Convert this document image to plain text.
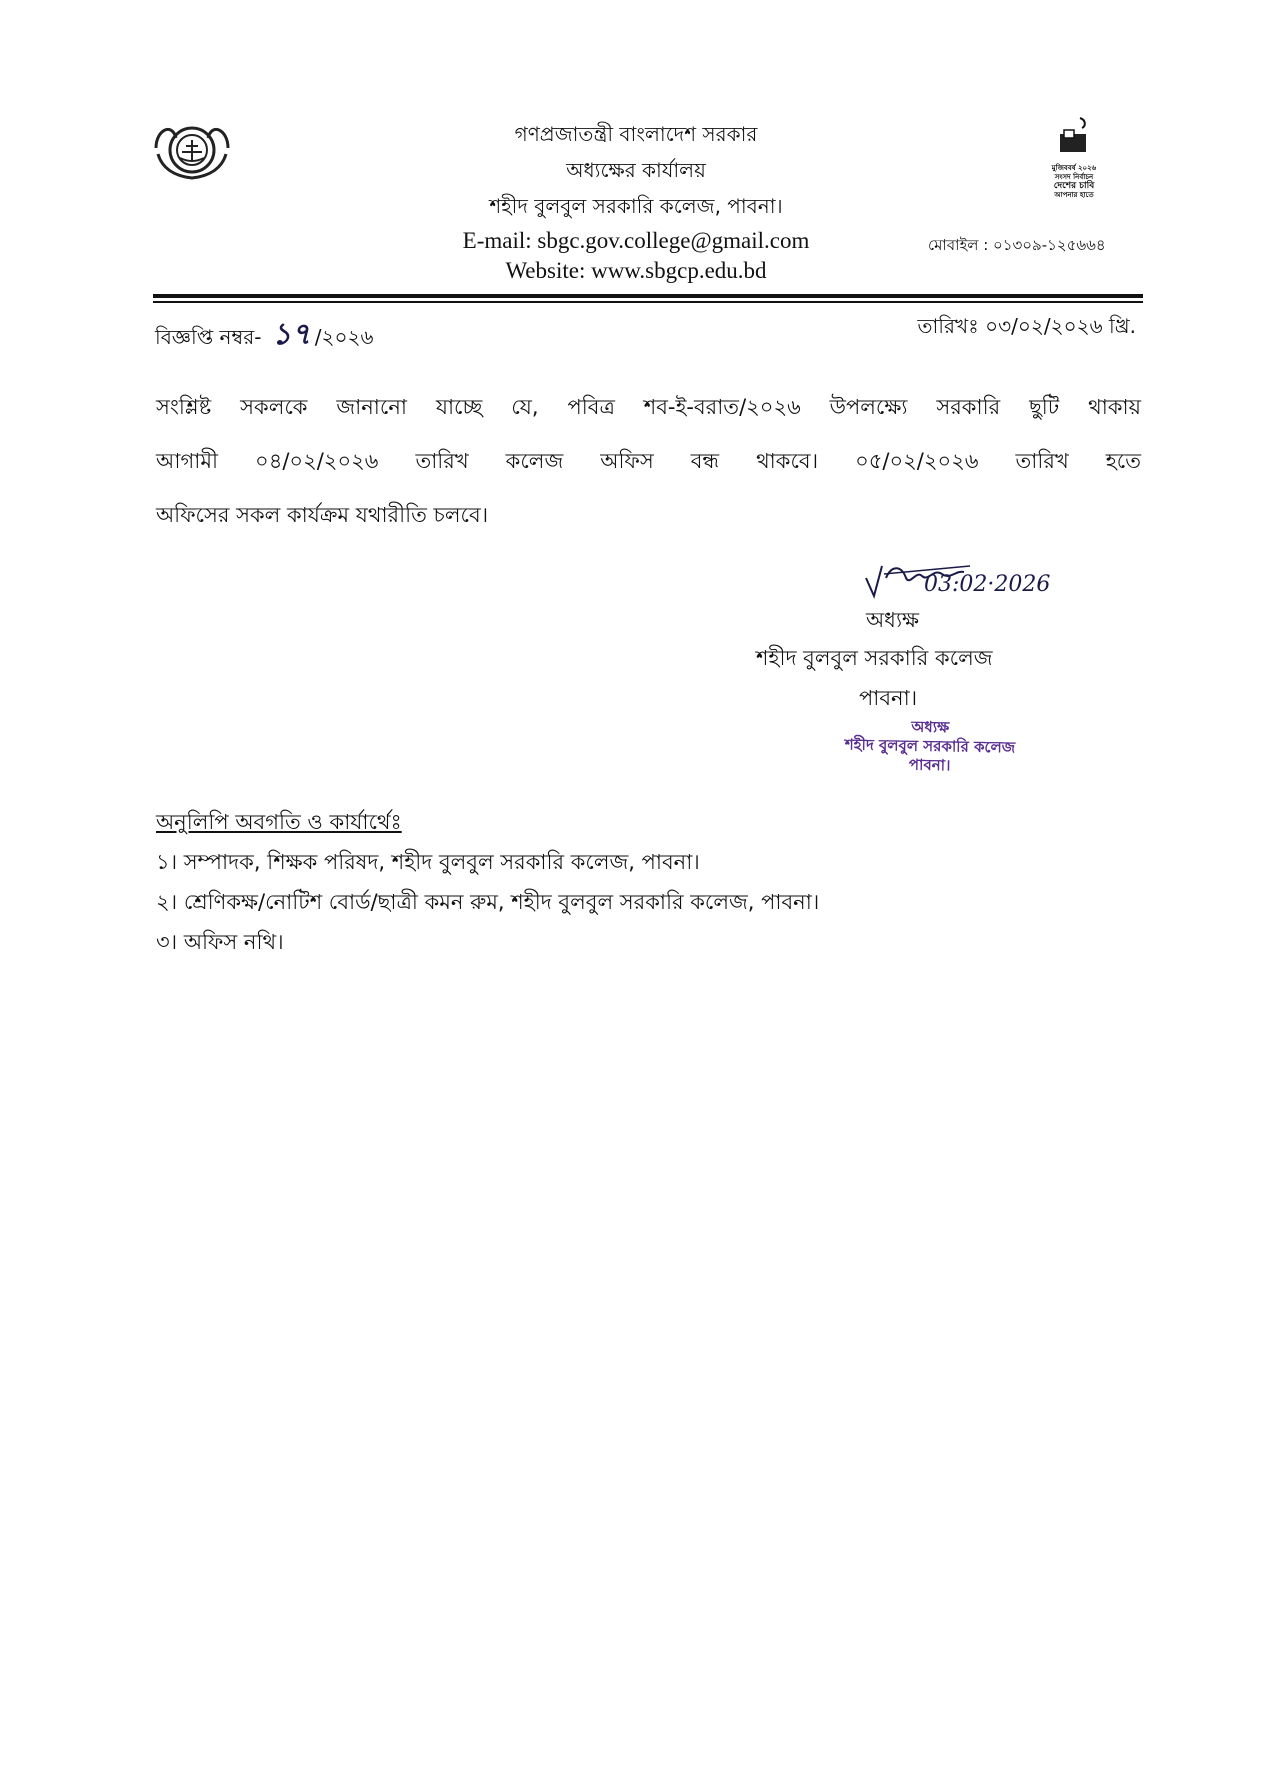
গণপ্রজাতন্ত্রী বাংলাদেশ সরকার
অধ্যক্ষের কার্যালয়
শহীদ বুলবুল সরকারি কলেজ, পাবনা।
E-mail: sbgc.gov.college@gmail.com
Website: www.sbgcp.edu.bd
মুজিববর্ষ ২০২৬
সংসদ নির্বাচন
দেশের চাবি
আপনার হাতে
মোবাইল : ০১৩০৯-১২৫৬৬৪
বিজ্ঞপ্তি নম্বর- ১৭ /২০২৬	তারিখঃ ০৩/০২/২০২৬ খ্রি.
সংশ্লিষ্ট সকলকে জানানো যাচ্ছে যে, পবিত্র শব-ই-বরাত/২০২৬ উপলক্ষ্যে সরকারি ছুটি থাকায়
আগামী ০৪/০২/২০২৬ তারিখ কলেজ অফিস বন্ধ থাকবে। ০৫/০২/২০২৬ তারিখ হতে
অফিসের সকল কার্যক্রম যথারীতি চলবে।
03:02·2026
অধ্যক্ষ
শহীদ বুলবুল সরকারি কলেজ
পাবনা।
অধ্যক্ষ
শহীদ বুলবুল সরকারি কলেজ
পাবনা।
অনুলিপি অবগতি ও কার্যার্থেঃ
১। সম্পাদক, শিক্ষক পরিষদ, শহীদ বুলবুল সরকারি কলেজ, পাবনা।
২। শ্রেণিকক্ষ/নোটিশ বোর্ড/ছাত্রী কমন রুম, শহীদ বুলবুল সরকারি কলেজ, পাবনা।
৩। অফিস নথি।
